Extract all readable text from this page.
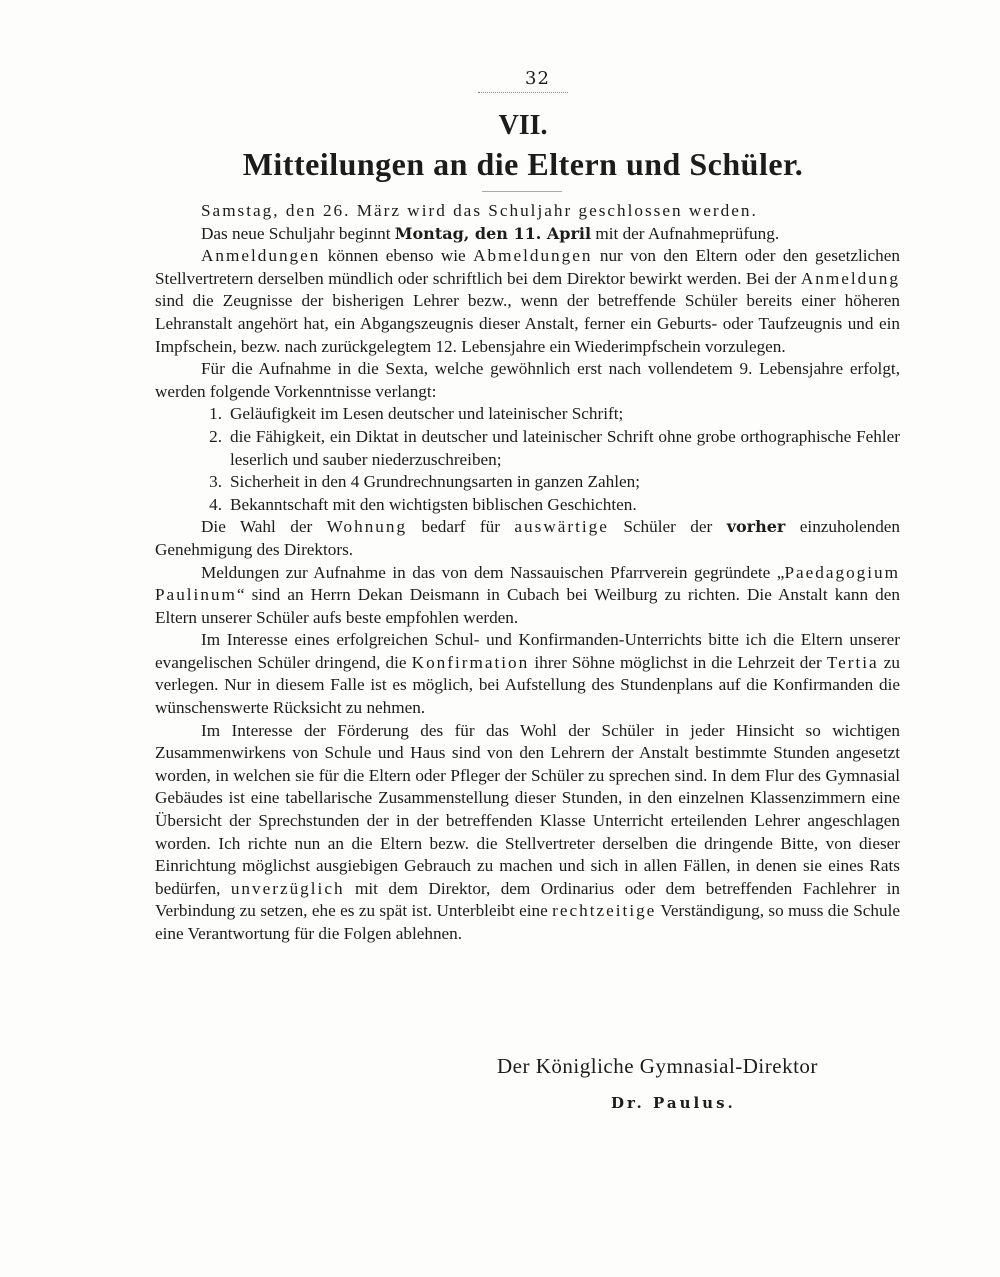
32
VII.
Mitteilungen an die Eltern und Schüler.

Samstag, den 26. März wird das Schuljahr geschlossen werden.

Das neue Schuljahr beginnt Montag, den 11. April mit der Aufnahmeprüfung.

Anmeldungen können ebenso wie Abmeldungen nur von den Eltern oder den gesetzlichen Stellvertretern derselben mündlich oder schriftlich bei dem Direktor bewirkt werden. Bei der Anmeldung sind die Zeugnisse der bisherigen Lehrer bezw., wenn der betreffende Schüler bereits einer höheren Lehranstalt angehört hat, ein Abgangszeugnis dieser Anstalt, ferner ein Geburts- oder Taufzeugnis und ein Impfschein, bezw. nach zurückgelegtem 12. Lebensjahre ein Wiederimpfschein vorzulegen.

Für die Aufnahme in die Sexta, welche gewöhnlich erst nach vollendetem 9. Lebensjahre erfolgt, werden folgende Vorkenntnisse verlangt:

1. Geläufigkeit im Lesen deutscher und lateinischer Schrift;
2. die Fähigkeit, ein Diktat in deutscher und lateinischer Schrift ohne grobe orthographische Fehler leserlich und sauber niederzuschreiben;
3. Sicherheit in den 4 Grundrechnungsarten in ganzen Zahlen;
4. Bekanntschaft mit den wichtigsten biblischen Geschichten.

Die Wahl der Wohnung bedarf für auswärtige Schüler der vorher einzuholenden Genehmigung des Direktors.

Meldungen zur Aufnahme in das von dem Nassauischen Pfarrverein gegründete „Paedagogium Paulinum“ sind an Herrn Dekan Deismann in Cubach bei Weilburg zu richten. Die Anstalt kann den Eltern unserer Schüler aufs beste empfohlen werden.

Im Interesse eines erfolgreichen Schul- und Konfirmanden-Unterrichts bitte ich die Eltern unserer evangelischen Schüler dringend, die Konfirmation ihrer Söhne möglichst in die Lehrzeit der Tertia zu verlegen. Nur in diesem Falle ist es möglich, bei Aufstellung des Stundenplans auf die Konfirmanden die wünschenswerte Rücksicht zu nehmen.

Im Interesse der Förderung des für das Wohl der Schüler in jeder Hinsicht so wichtigen Zusammenwirkens von Schule und Haus sind von den Lehrern der Anstalt bestimmte Stunden angesetzt worden, in welchen sie für die Eltern oder Pfleger der Schüler zu sprechen sind. In dem Flur des Gymnasial Gebäudes ist eine tabellarische Zusammenstellung dieser Stunden, in den einzelnen Klassenzimmern eine Übersicht der Sprechstunden der in der betreffenden Klasse Unterricht erteilenden Lehrer angeschlagen worden. Ich richte nun an die Eltern bezw. die Stellvertreter derselben die dringende Bitte, von dieser Einrichtung möglichst ausgiebigen Gebrauch zu machen und sich in allen Fällen, in denen sie eines Rats bedürfen, unverzüglich mit dem Direktor, dem Ordinarius oder dem betreffenden Fachlehrer in Verbindung zu setzen, ehe es zu spät ist. Unterbleibt eine rechtzeitige Verständigung, so muss die Schule eine Verantwortung für die Folgen ablehnen.

Der Königliche Gymnasial-Direktor
Dr. Paulus.
